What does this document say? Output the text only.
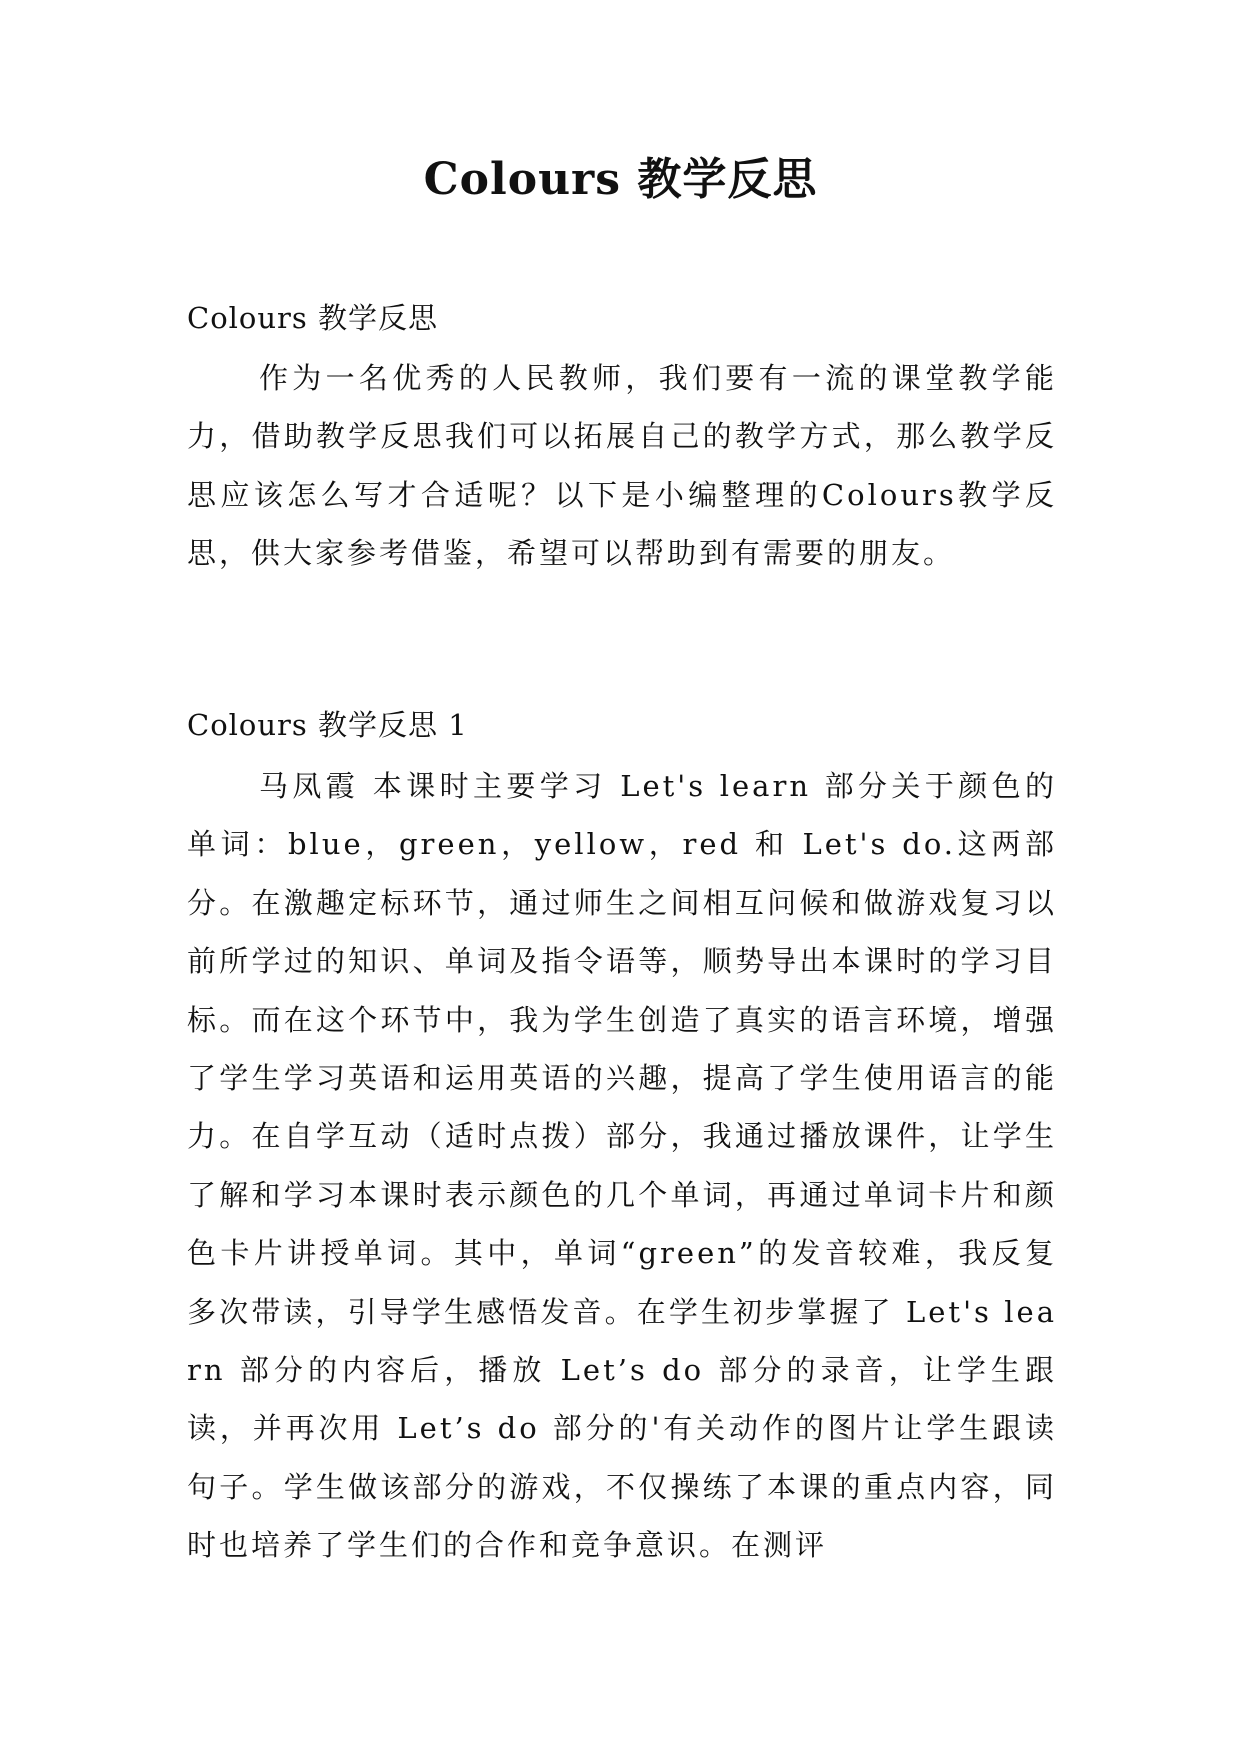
Colours 教学反思
Colours 教学反思

作为一名优秀的人民教师，我们要有一流的课堂教学能力，借助教学反思我们可以拓展自己的教学方式，那么教学反思应该怎么写才合适呢？以下是小编整理的Colours教学反思，供大家参考借鉴，希望可以帮助到有需要的朋友。

Colours 教学反思 1

马凤霞 本课时主要学习 Let's learn 部分关于颜色的单词：blue，green，yellow，red 和 Let's do.这两部分。在激趣定标环节，通过师生之间相互问候和做游戏复习以前所学过的知识、单词及指令语等，顺势导出本课时的学习目标。而在这个环节中，我为学生创造了真实的语言环境，增强了学生学习英语和运用英语的兴趣，提高了学生使用语言的能力。在自学互动（适时点拨）部分，我通过播放课件，让学生了解和学习本课时表示颜色的几个单词，再通过单词卡片和颜色卡片讲授单词。其中，单词“green”的发音较难，我反复多次带读，引导学生感悟发音。在学生初步掌握了 Let's learn 部分的内容后，播放 Let’s do 部分的录音，让学生跟读，并再次用 Let’s do 部分的'有关动作的图片让学生跟读句子。学生做该部分的游戏，不仅操练了本课的重点内容，同时也培养了学生们的合作和竞争意识。在测评
